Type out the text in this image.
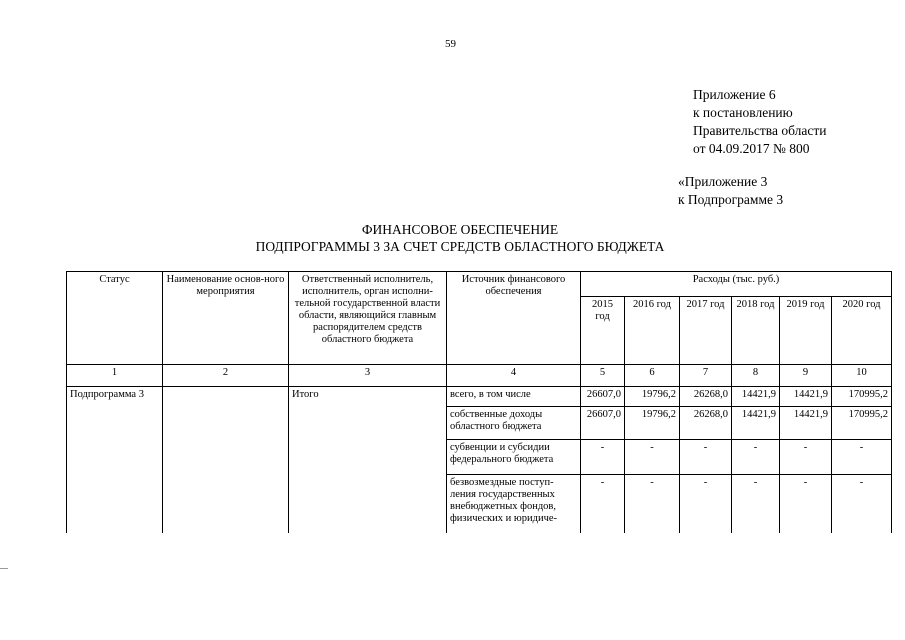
59
Приложение 6
к постановлению
Правительства области
от 04.09.2017 № 800
«Приложение 3
к Подпрограмме 3
ФИНАНСОВОЕ ОБЕСПЕЧЕНИЕ
ПОДПРОГРАММЫ 3 ЗА СЧЕТ СРЕДСТВ ОБЛАСТНОГО БЮДЖЕТА
Статус	Наименование основ-ного мероприятия	Ответственный исполнитель, исполнитель, орган исполни-тельной государственной власти области, являющийся главным распорядителем средств областного бюджета	Источник финансового обеспечения	Расходы (тыс. руб.)					
				2015 год	2016 год	2017 год	2018 год	2019 год	2020 год
1	2	3	4	5	6	7	8	9	10
Подпрограмма 3		Итого	всего, в том числе	26607,0	19796,2	26268,0	14421,9	14421,9	170995,2
			собственные доходы областного бюджета	26607,0	19796,2	26268,0	14421,9	14421,9	170995,2
			субвенции и субсидии федерального бюджета	-	-	-	-	-	-
			безвозмездные поступ-ления государственных внебюджетных фондов, физических и юридиче-	-	-	-	-	-	-
